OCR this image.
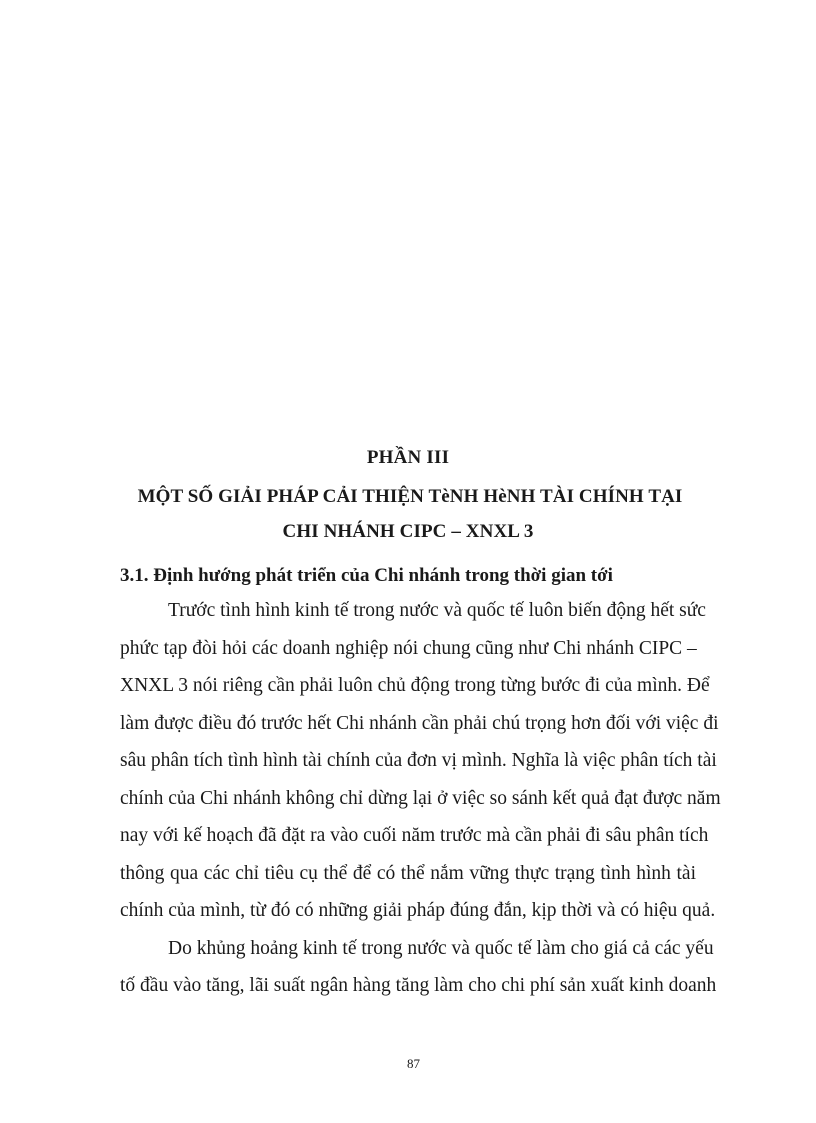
PHẦN III
MỘT SỐ GIẢI PHÁP CẢI THIỆN TèNH HèNH TÀI CHÍNH TẠI
CHI NHÁNH CIPC – XNXL 3
3.1. Định hướng phát triển của Chi nhánh trong thời gian tới
Trước tình hình kinh tế trong nước và quốc tế luôn biến động hết sức
phức tạp đòi hỏi các doanh nghiệp nói chung cũng như Chi nhánh CIPC –
XNXL 3 nói riêng cần phải luôn chủ động trong từng bước đi của mình. Để
làm được điều đó trước hết Chi nhánh cần phải chú trọng hơn đối với việc đi
sâu phân tích tình hình tài chính của đơn vị mình. Nghĩa là việc phân tích tài
chính của Chi nhánh không chỉ dừng lại ở việc so sánh kết quả đạt được năm
nay với kế hoạch đã đặt ra vào cuối năm trước mà cần phải đi sâu phân tích
thông qua các chỉ tiêu cụ thể để có thể nắm vững thực trạng tình hình tài
chính của mình, từ đó có những giải pháp đúng đắn, kịp thời và có hiệu quả.
Do khủng hoảng kinh tế trong nước và quốc tế làm cho giá cả các yếu
tố đầu vào tăng, lãi suất ngân hàng tăng làm cho chi phí sản xuất kinh doanh
87
